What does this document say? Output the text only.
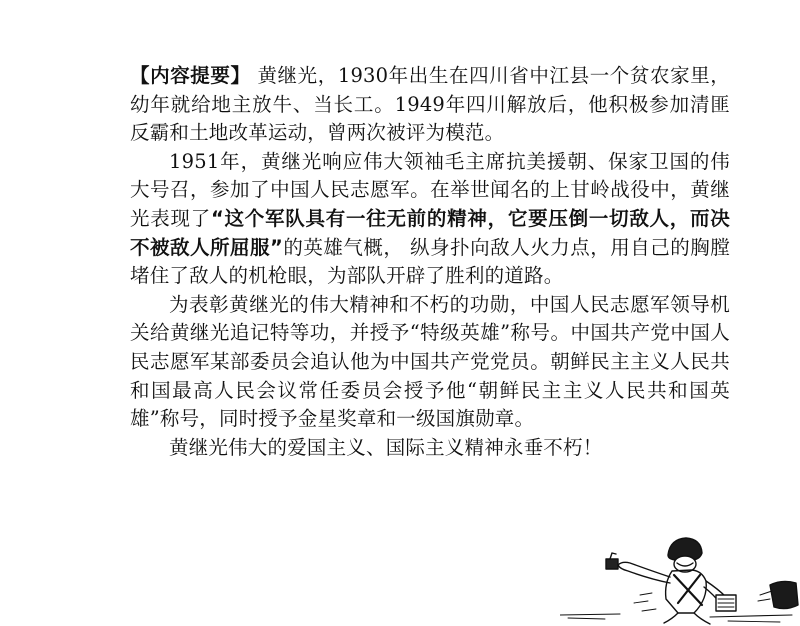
【内容提要】 黄继光，1930年出生在四川省中江县一个贫农家里，幼年就给地主放牛、当长工。1949年四川解放后，他积极参加清匪反霸和土地改革运动，曾两次被评为模范。

1951年，黄继光响应伟大领袖毛主席抗美援朝、保家卫国的伟大号召，参加了中国人民志愿军。在举世闻名的上甘岭战役中，黄继光表现了“这个军队具有一往无前的精神，它要压倒一切敌人，而决不被敌人所屈服”的英雄气概， 纵身扑向敌人火力点，用自己的胸膛堵住了敌人的机枪眼，为部队开辟了胜利的道路。

为表彰黄继光的伟大精神和不朽的功勋，中国人民志愿军领导机关给黄继光追记特等功，并授予“特级英雄”称号。中国共产党中国人民志愿军某部委员会追认他为中国共产党党员。朝鲜民主主义人民共和国最高人民会议常任委员会授予他“朝鲜民主主义人民共和国英雄”称号，同时授予金星奖章和一级国旗勋章。

黄继光伟大的爱国主义、国际主义精神永垂不朽！
